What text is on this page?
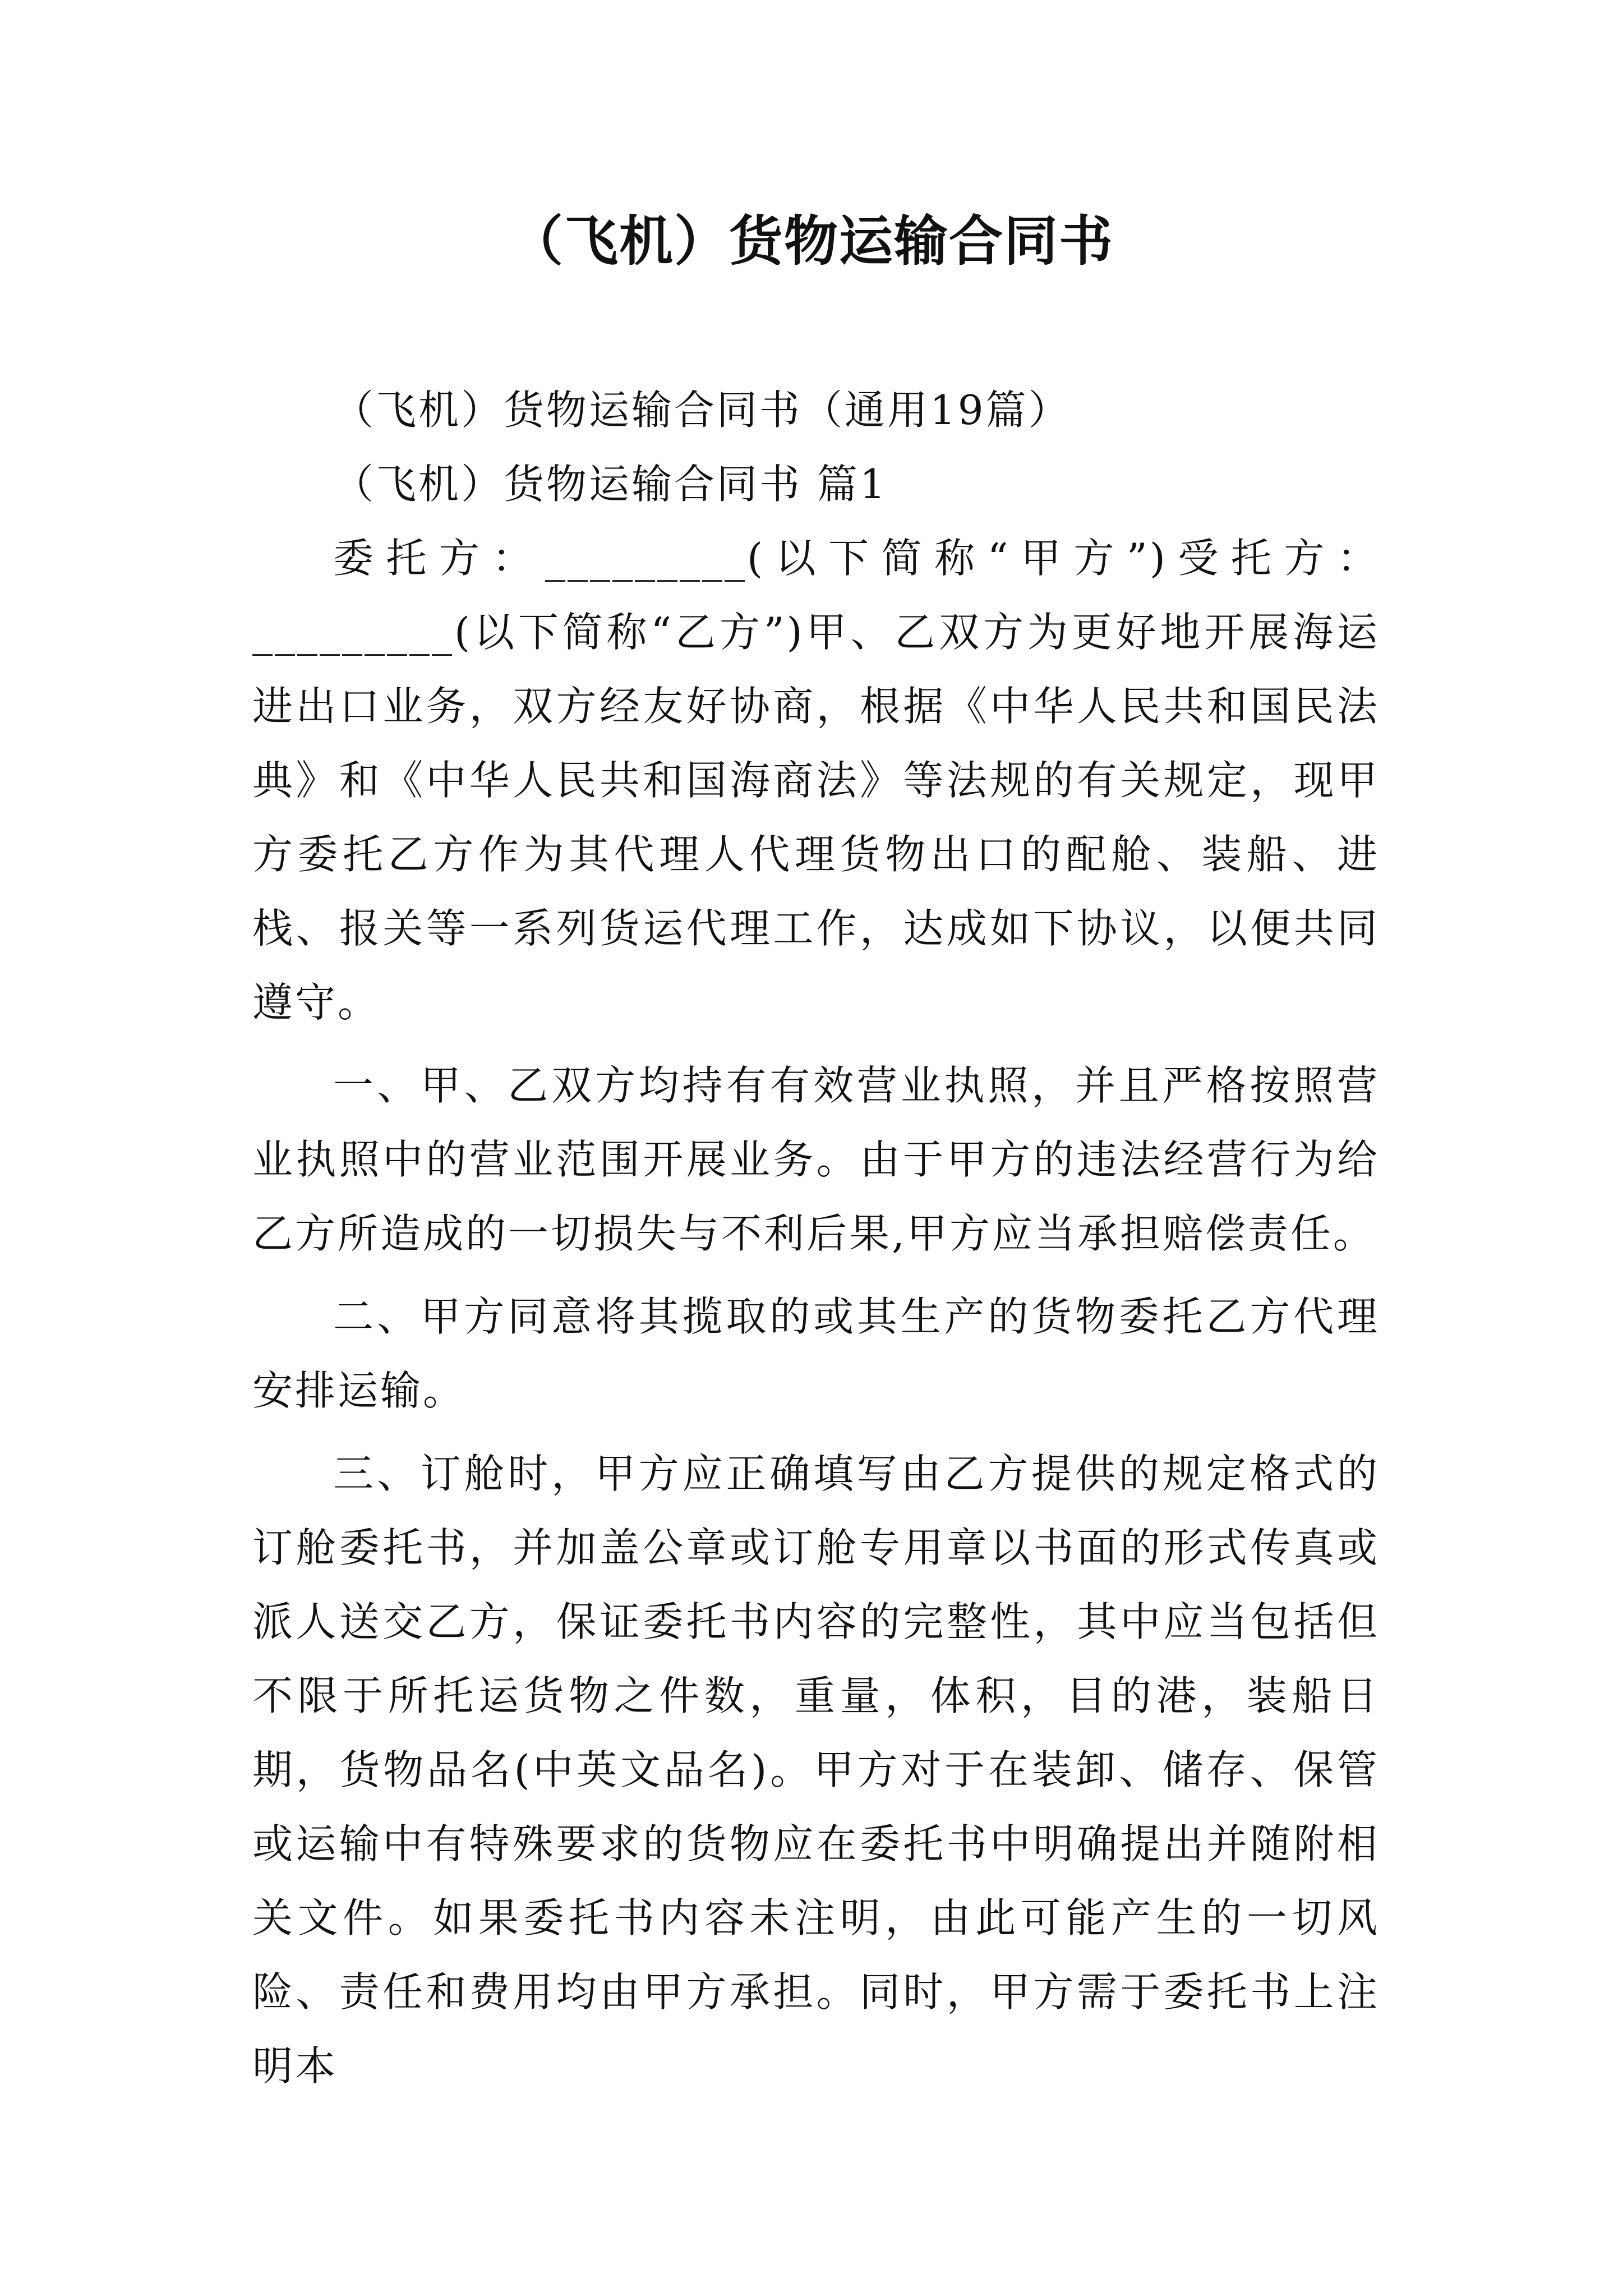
（飞机）货物运输合同书

（飞机）货物运输合同书（通用19篇）

（飞机）货物运输合同书 篇1

委托方：_________(以下简称“甲方”)受托方：_________(以下简称“乙方”)甲、乙双方为更好地开展海运进出口业务，双方经友好协商，根据《中华人民共和国民法典》和《中华人民共和国海商法》等法规的有关规定，现甲方委托乙方作为其代理人代理货物出口的配舱、装船、进栈、报关等一系列货运代理工作，达成如下协议，以便共同遵守。

一、甲、乙双方均持有有效营业执照，并且严格按照营业执照中的营业范围开展业务。由于甲方的违法经营行为给乙方所造成的一切损失与不利后果,甲方应当承担赔偿责任。

二、甲方同意将其揽取的或其生产的货物委托乙方代理安排运输。

三、订舱时，甲方应正确填写由乙方提供的规定格式的订舱委托书，并加盖公章或订舱专用章以书面的形式传真或派人送交乙方，保证委托书内容的完整性，其中应当包括但不限于所托运货物之件数，重量，体积，目的港，装船日期，货物品名(中英文品名)。甲方对于在装卸、储存、保管或运输中有特殊要求的货物应在委托书中明确提出并随附相关文件。如果委托书内容未注明，由此可能产生的一切风险、责任和费用均由甲方承担。同时，甲方需于委托书上注明本
